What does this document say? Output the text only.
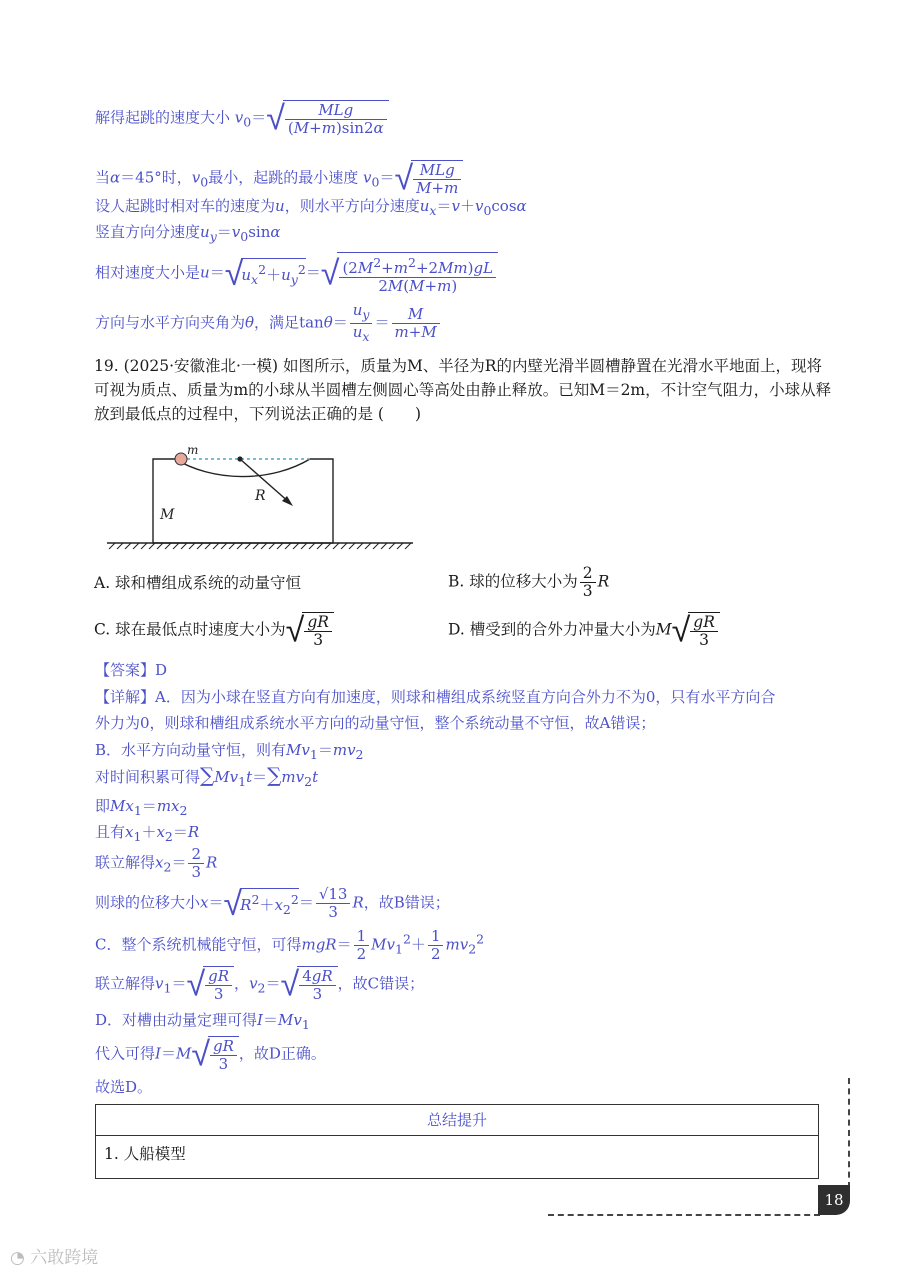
解得起跳的速度大小 $v_0=√ \frac{\text{MLg}}{(M+m)\sin 2\alpha}$
当α＝45°时，$v_0$最小，起跳的最小速度 $v_0=√ \frac{\text{MLg}}{M+m}$
设人起跳时相对车的速度为u，则水平方向分速度$u_x=v+v_0\cos\alpha$
竖直方向分速度$u_y=v_0\sin\alpha$
相对速度大小是$u=√u_x^2+u_y^2=√ \frac{(2M^2+m^2+2Mm)gL}{2M(M+m)}$
方向与水平方向夹角为θ，满足$\tan\theta= \frac{u_y}{u_x} = \frac{M}{m+M}$
19. (2025·安徽淮北·一模) 如图所示，质量为M、半径为R的内壁光滑半圆槽静置在光滑水平地面上，现将可视为质点、质量为m的小球从半圆槽左侧圆心等高处由静止释放。已知M＝2m，不计空气阻力，小球从释放到最低点的过程中，下列说法正确的是 (　　)
m
R
M
A. 球和槽组成系统的动量守恒	B. 球的位移大小为 $\frac{2}{3}$ R
C. 球在最低点时速度大小为√ $\frac{gR}{3}$	D. 槽受到的合外力冲量大小为$M√ \frac{gR}{3}$
【答案】D
【详解】A．因为小球在竖直方向有加速度，则球和槽组成系统竖直方向合外力不为0，只有水平方向合
外力为0，则球和槽组成系统水平方向的动量守恒，整个系统动量不守恒，故A错误；
B．水平方向动量守恒，则有$Mv_1=mv_2$
对时间积累可得$\sum Mv_1t=\sum mv_2t$
即$Mx_1=mx_2$
且有$x_1+x_2=R$
联立解得$x_2= \frac{2}{3}$ R
则球的位移大小$x=√R^2+x_2^2= \frac{√13}{3}$ R，故B错误；
C．整个系统机械能守恒，可得$mgR= \frac{1}{2} Mv_1^2+ \frac{1}{2} mv_2^2$
联立解得$v_1=√ \frac{gR}{3}$ ，$v_2=√ \frac{4gR}{3}$ ，故C错误；
D．对槽由动量定理可得$I=Mv_1$
代入可得$I=M√ \frac{gR}{3}$ ，故D正确。
故选D。
总结提升
1. 人船模型
18
◔ 六敢跨境
